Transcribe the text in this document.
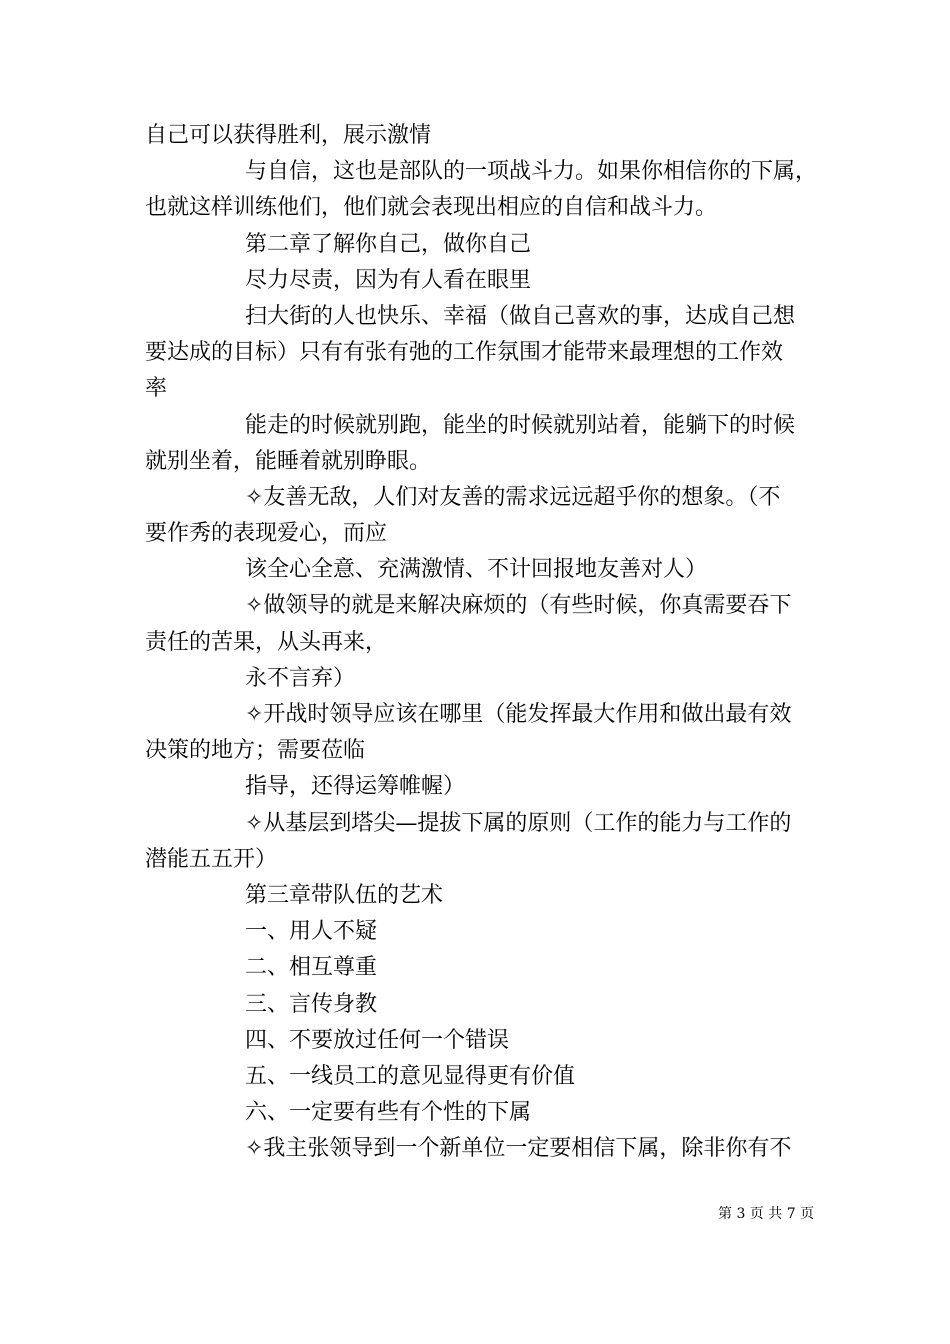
自己可以获得胜利，展示激情
与自信，这也是部队的一项战斗力。如果你相信你的下属，
也就这样训练他们，他们就会表现出相应的自信和战斗力。
第二章了解你自己，做你自己
尽力尽责，因为有人看在眼里
扫大街的人也快乐、幸福（做自己喜欢的事，达成自己想
要达成的目标）只有有张有弛的工作氛围才能带来最理想的工作效
率
能走的时候就别跑，能坐的时候就别站着，能躺下的时候
就别坐着，能睡着就别睁眼。
✧友善无敌，人们对友善的需求远远超乎你的想象。（不
要作秀的表现爱心，而应
该全心全意、充满激情、不计回报地友善对人）
✧做领导的就是来解决麻烦的（有些时候，你真需要吞下
责任的苦果，从头再来，
永不言弃）
✧开战时领导应该在哪里（能发挥最大作用和做出最有效
决策的地方；需要莅临
指导，还得运筹帷幄）
✧从基层到塔尖—提拔下属的原则（工作的能力与工作的
潜能五五开）
第三章带队伍的艺术
一、用人不疑
二、相互尊重
三、言传身教
四、不要放过任何一个错误
五、一线员工的意见显得更有价值
六、一定要有些有个性的下属
✧我主张领导到一个新单位一定要相信下属，除非你有不
第 3 页 共 7 页
